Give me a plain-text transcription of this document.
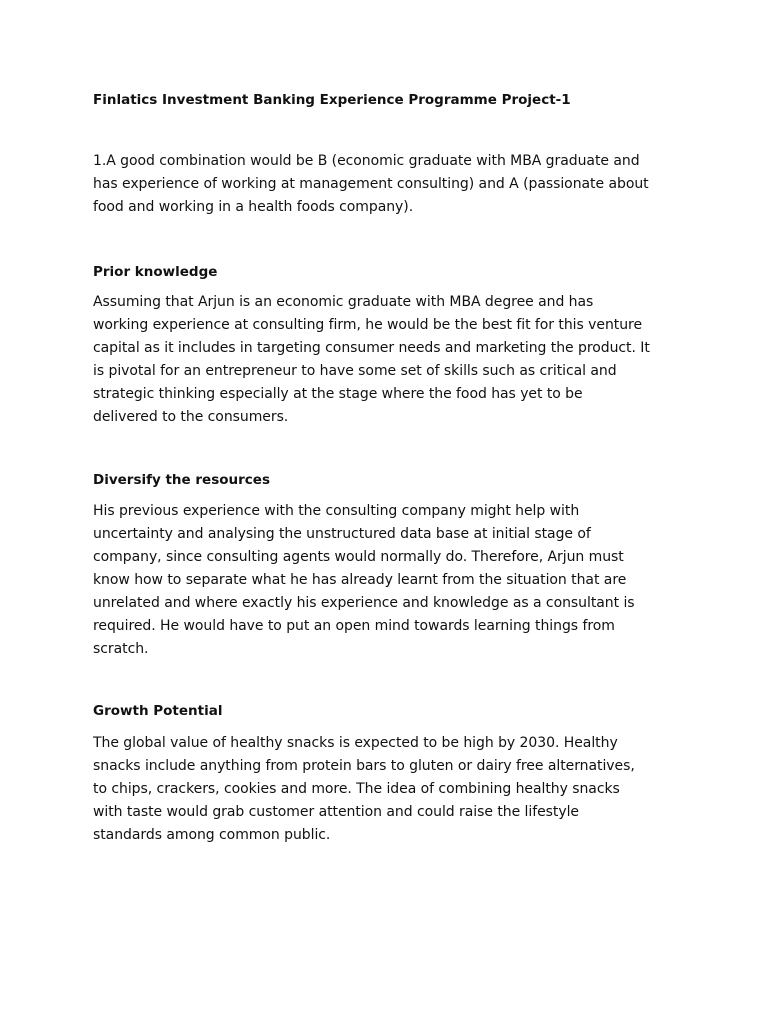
Finlatics Investment Banking Experience Programme Project-1
1.A good combination would be B (economic graduate with MBA graduate and
has experience of working at management consulting) and A (passionate about
food and working in a health foods company).
Prior knowledge
Assuming that Arjun is an economic graduate with MBA degree and has
working experience at consulting firm, he would be the best fit for this venture
capital as it includes in targeting consumer needs and marketing the product. It
is pivotal for an entrepreneur to have some set of skills such as critical and
strategic thinking especially at the stage where the food has yet to be
delivered to the consumers.
Diversify the resources
His previous experience with the consulting company might help with
uncertainty and analysing the unstructured data base at initial stage of
company, since consulting agents would normally do. Therefore, Arjun must
know how to separate what he has already learnt from the situation that are
unrelated and where exactly his experience and knowledge as a consultant is
required. He would have to put an open mind towards learning things from
scratch.
Growth Potential
The global value of healthy snacks is expected to be high by 2030. Healthy
snacks include anything from protein bars to gluten or dairy free alternatives,
to chips, crackers, cookies and more. The idea of combining healthy snacks
with taste would grab customer attention and could raise the lifestyle
standards among common public.
